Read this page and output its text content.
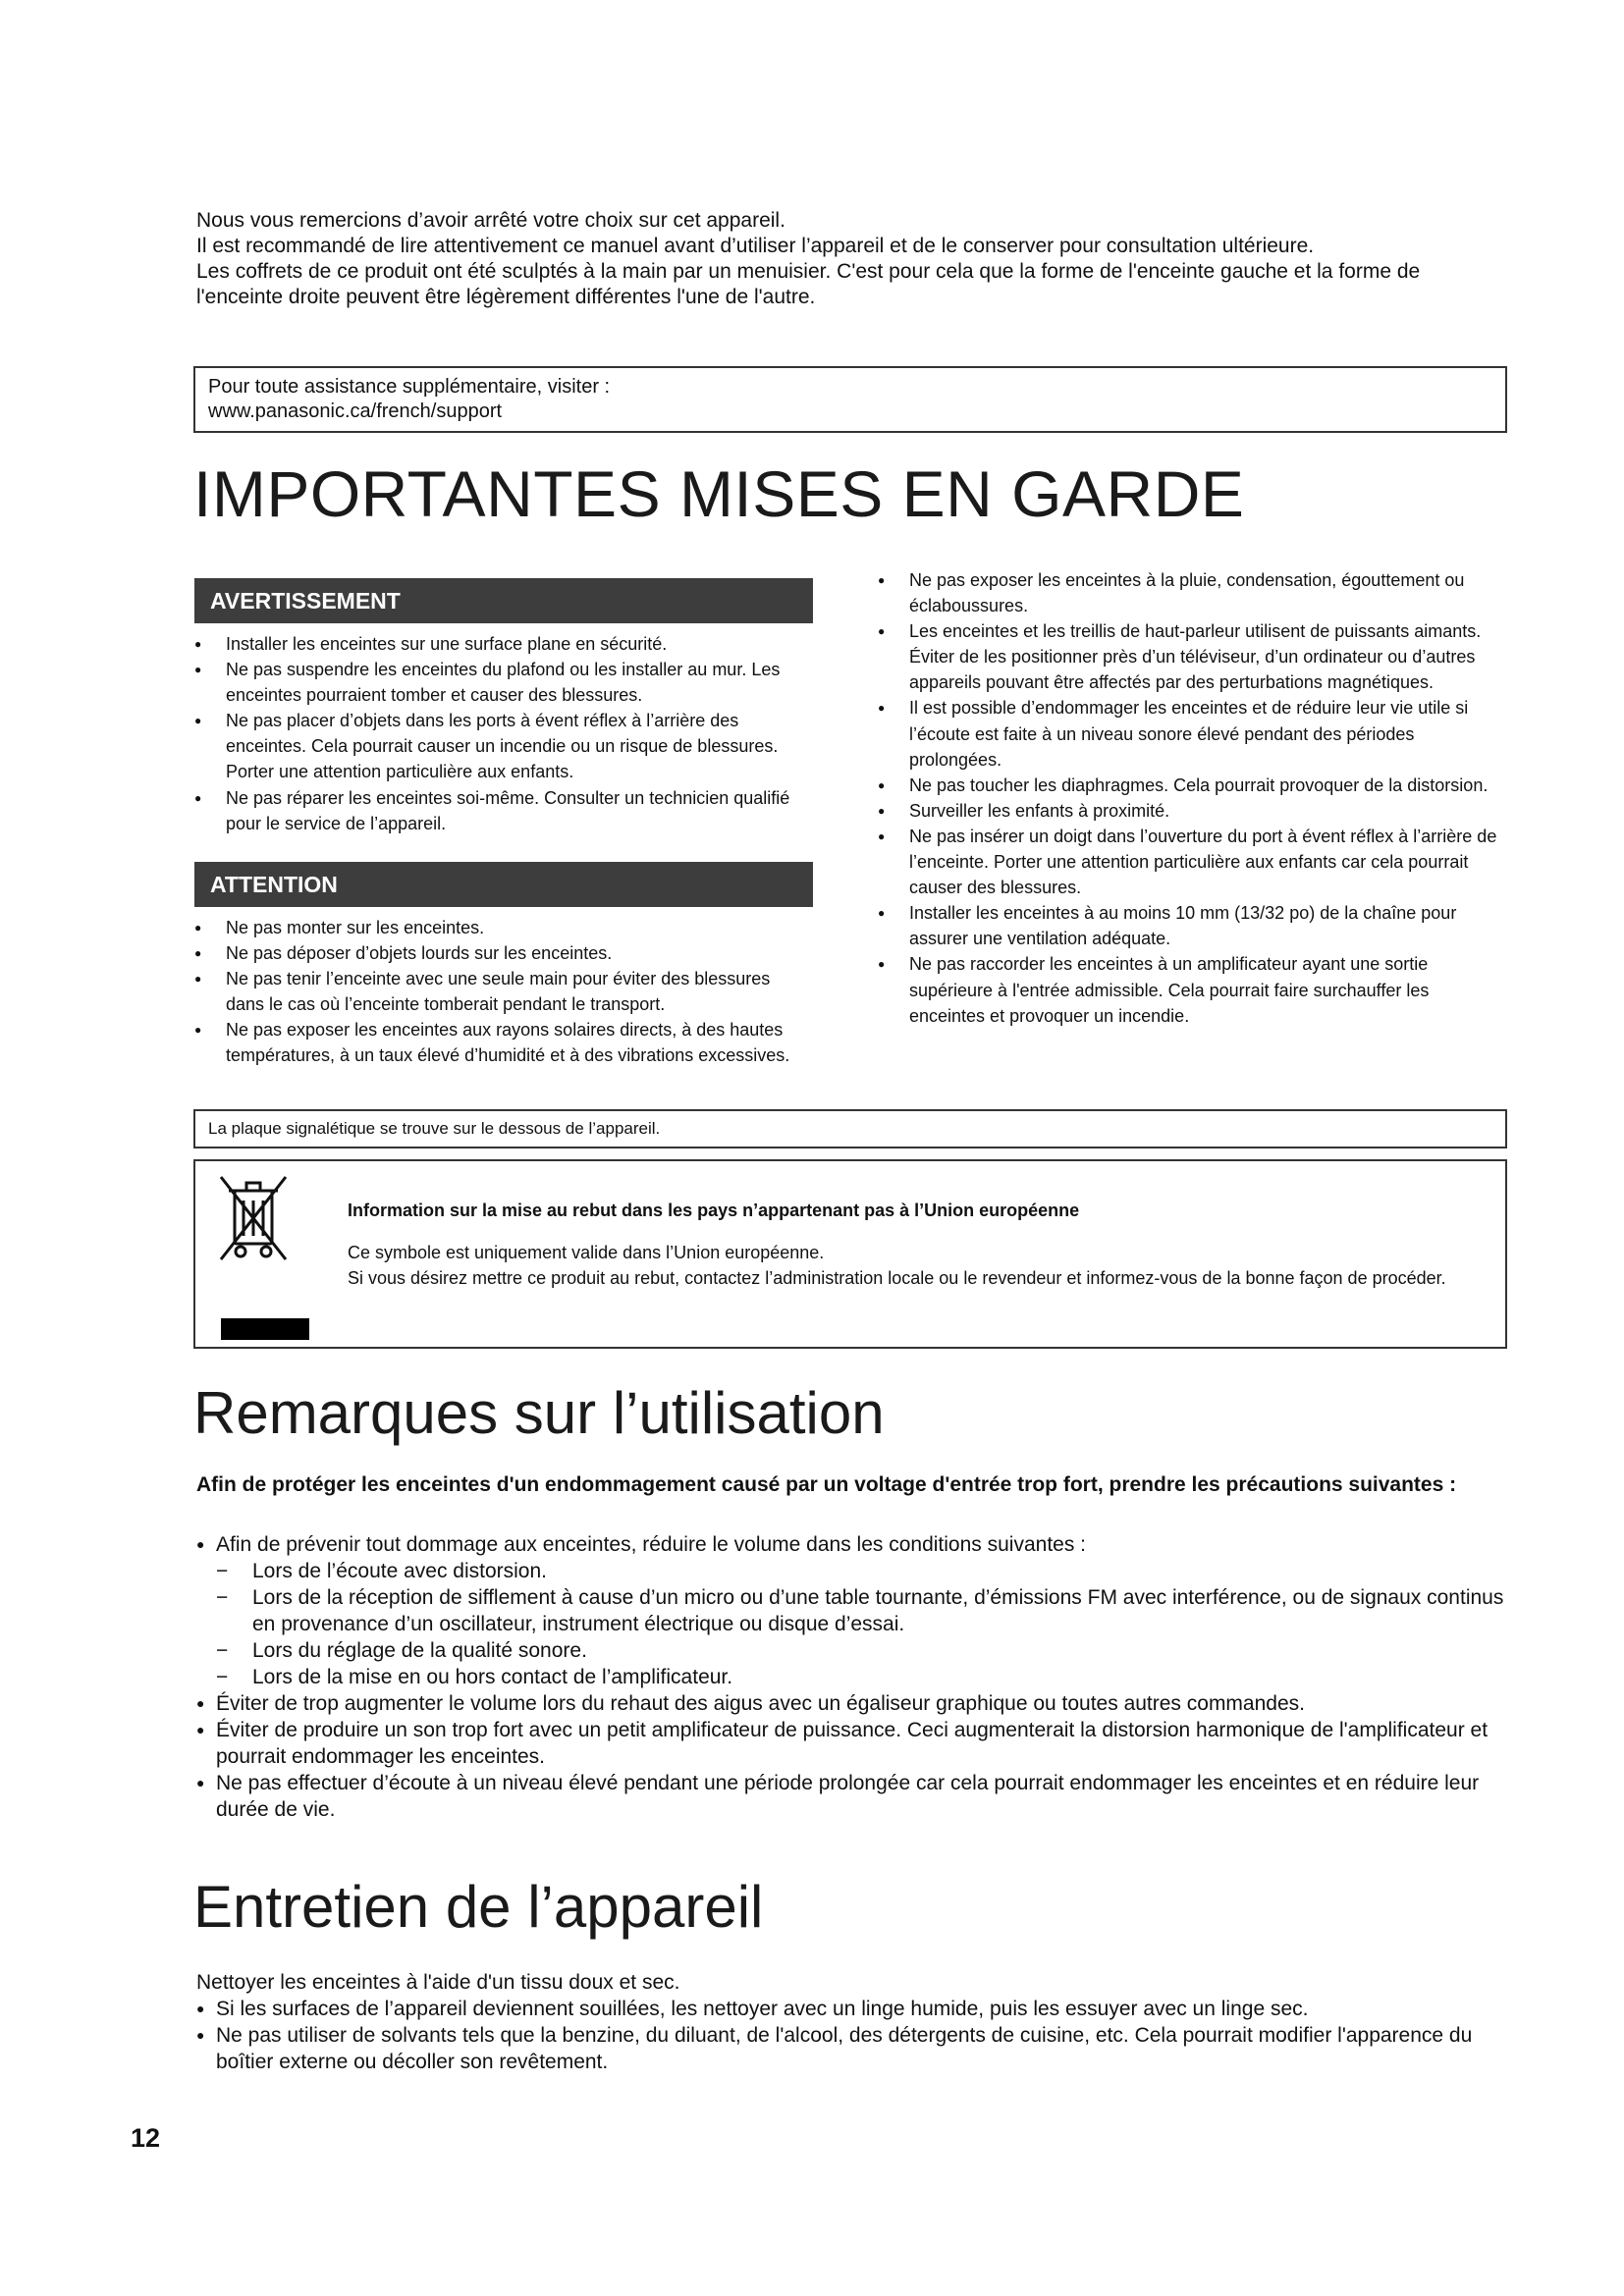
Nous vous remercions d’avoir arrêté votre choix sur cet appareil.

Il est recommandé de lire attentivement ce manuel avant d’utiliser l’appareil et de le conserver pour consultation ultérieure.

Les coffrets de ce produit ont été sculptés à la main par un menuisier. C'est pour cela que la forme de l'enceinte gauche et la forme de l'enceinte droite peuvent être légèrement différentes l'une de l'autre.

Pour toute assistance supplémentaire, visiter :

www.panasonic.ca/french/support

IMPORTANTES MISES EN GARDE
AVERTISSEMENT
●	Installer les enceintes sur une surface plane en sécurité.
●	Ne pas suspendre les enceintes du plafond ou les installer au mur. Les enceintes pourraient tomber et causer des blessures.
●	Ne pas placer d’objets dans les ports à évent réflex à l’arrière des enceintes. Cela pourrait causer un incendie ou un risque de blessures. Porter une attention particulière aux enfants.
●	Ne pas réparer les enceintes soi-même. Consulter un technicien qualifié pour le service de l’appareil.
ATTENTION
●	Ne pas monter sur les enceintes.
●	Ne pas déposer d’objets lourds sur les enceintes.
●	Ne pas tenir l’enceinte avec une seule main pour éviter des blessures dans le cas où l’enceinte tomberait pendant le transport.
●	Ne pas exposer les enceintes aux rayons solaires directs, à des hautes températures, à un taux élevé d’humidité et à des vibrations excessives.
●	Ne pas exposer les enceintes à la pluie, condensation, égouttement ou éclaboussures.
●	Les enceintes et les treillis de haut-parleur utilisent de puissants aimants. Éviter de les positionner près d’un téléviseur, d’un ordinateur ou d’autres appareils pouvant être affectés par des perturbations magnétiques.
●	Il est possible d’endommager les enceintes et de réduire leur vie utile si l’écoute est faite à un niveau sonore élevé pendant des périodes prolongées.
●	Ne pas toucher les diaphragmes. Cela pourrait provoquer de la distorsion.
●	Surveiller les enfants à proximité.
●	Ne pas insérer un doigt dans l’ouverture du port à évent réflex à l’arrière de l’enceinte. Porter une attention particulière aux enfants car cela pourrait causer des blessures.
●	Installer les enceintes à au moins 10 mm (13/32 po) de la chaîne pour assurer une ventilation adéquate.
●	Ne pas raccorder les enceintes à un amplificateur ayant une sortie supérieure à l'entrée admissible. Cela pourrait faire surchauffer les enceintes et provoquer un incendie.
La plaque signalétique se trouve sur le dessous de l’appareil.
Information sur la mise au rebut dans les pays n’appartenant pas à l’Union européenne

Ce symbole est uniquement valide dans l’Union européenne.

Si vous désirez mettre ce produit au rebut, contactez l’administration locale ou le revendeur et informez-vous de la bonne façon de procéder.

Remarques sur l’utilisation
Afin de protéger les enceintes d'un endommagement causé par un voltage d'entrée trop fort, prendre les précautions suivantes :
● Afin de prévenir tout dommage aux enceintes, réduire le volume dans les conditions suivantes :
− Lors de l’écoute avec distorsion.
− Lors de la réception de sifflement à cause d’un micro ou d’une table tournante, d’émissions FM avec interférence, ou de signaux continus en provenance d’un oscillateur, instrument électrique ou disque d’essai.
− Lors du réglage de la qualité sonore.
− Lors de la mise en ou hors contact de l’amplificateur.
● Éviter de trop augmenter le volume lors du rehaut des aigus avec un égaliseur graphique ou toutes autres commandes.
● Éviter de produire un son trop fort avec un petit amplificateur de puissance. Ceci augmenterait la distorsion harmonique de l'amplificateur et pourrait endommager les enceintes.
● Ne pas effectuer d’écoute à un niveau élevé pendant une période prolongée car cela pourrait endommager les enceintes et en réduire leur durée de vie.
Entretien de l’appareil

Nettoyer les enceintes à l'aide d'un tissu doux et sec.

● Si les surfaces de l’appareil deviennent souillées, les nettoyer avec un linge humide, puis les essuyer avec un linge sec.
● Ne pas utiliser de solvants tels que la benzine, du diluant, de l'alcool, des détergents de cuisine, etc. Cela pourrait modifier l'apparence du boîtier externe ou décoller son revêtement.
12
